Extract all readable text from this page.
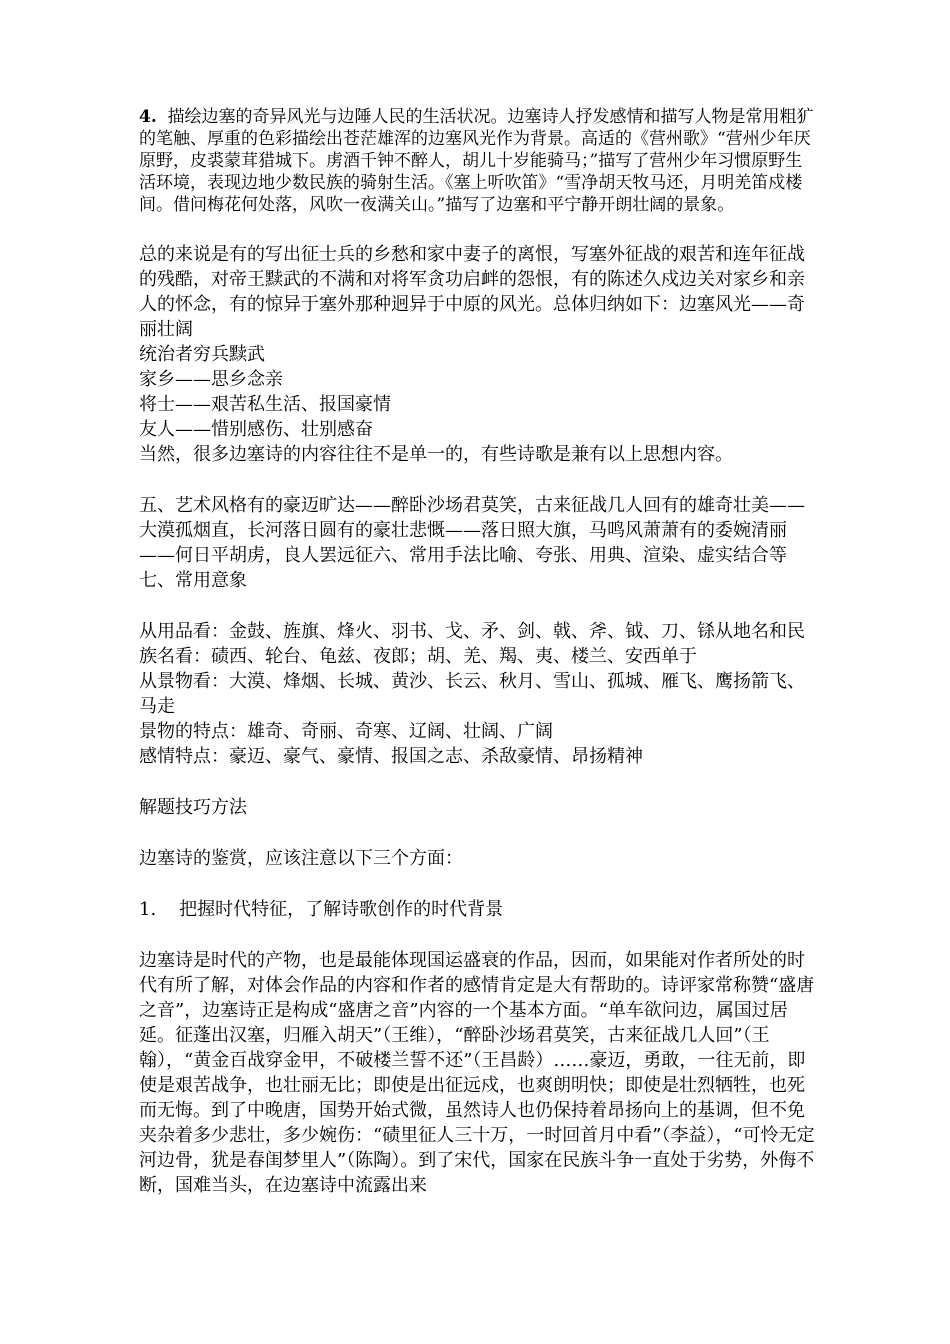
4. 描绘边塞的奇异风光与边陲人民的生活状况。边塞诗人抒发感情和描写人物是常用粗犷的笔触、厚重的色彩描绘出苍茫雄浑的边塞风光作为背景。高适的《营州歌》“营州少年厌原野，皮裘蒙茸猎城下。虏酒千钟不醉人，胡儿十岁能骑马；”描写了营州少年习惯原野生活环境，表现边地少数民族的骑射生活。《塞上听吹笛》“雪净胡天牧马还，月明羌笛戍楼间。借问梅花何处落，风吹一夜满关山。”描写了边塞和平宁静开朗壮阔的景象。

总的来说是有的写出征士兵的乡愁和家中妻子的离恨，写塞外征战的艰苦和连年征战的残酷，对帝王黩武的不满和对将军贪功启衅的怨恨，有的陈述久戍边关对家乡和亲人的怀念，有的惊异于塞外那种迥异于中原的风光。总体归纳如下：边塞风光——奇丽壮阔
统治者穷兵黩武
家乡——思乡念亲
将士——艰苦私生活、报国豪情
友人——惜别感伤、壮别感奋
当然，很多边塞诗的内容往往不是单一的，有些诗歌是兼有以上思想内容。

五、艺术风格有的豪迈旷达——醉卧沙场君莫笑，古来征战几人回有的雄奇壮美——大漠孤烟直，长河落日圆有的豪壮悲慨——落日照大旗，马鸣风萧萧有的委婉清丽——何日平胡虏，良人罢远征六、常用手法比喻、夸张、用典、渲染、虚实结合等七、常用意象

从用品看：金鼓、旌旗、烽火、羽书、戈、矛、剑、戟、斧、钺、刀、铩从地名和民族名看：碛西、轮台、龟兹、夜郎；胡、羌、羯、夷、楼兰、安西单于
从景物看：大漠、烽烟、长城、黄沙、长云、秋月、雪山、孤城、雁飞、鹰扬箭飞、马走
景物的特点：雄奇、奇丽、奇寒、辽阔、壮阔、广阔
感情特点：豪迈、豪气、豪情、报国之志、杀敌豪情、昂扬精神

解题技巧方法

边塞诗的鉴赏，应该注意以下三个方面：

1. 把握时代特征，了解诗歌创作的时代背景

边塞诗是时代的产物，也是最能体现国运盛衰的作品，因而，如果能对作者所处的时代有所了解，对体会作品的内容和作者的感情肯定是大有帮助的。诗评家常称赞“盛唐之音”，边塞诗正是构成“盛唐之音”内容的一个基本方面。“单车欲问边，属国过居延。征蓬出汉塞，归雁入胡天”（王维），“醉卧沙场君莫笑，古来征战几人回”（王翰），“黄金百战穿金甲，不破楼兰誓不还”（王昌龄）……豪迈，勇敢，一往无前，即使是艰苦战争，也壮丽无比；即使是出征远戍，也爽朗明快；即使是壮烈牺牲，也死而无悔。到了中晚唐，国势开始式微，虽然诗人也仍保持着昂扬向上的基调，但不免夹杂着多少悲壮，多少婉伤：“碛里征人三十万，一时回首月中看”（李益），“可怜无定河边骨，犹是春闺梦里人”（陈陶）。到了宋代，国家在民族斗争一直处于劣势，外侮不断，国难当头，在边塞诗中流露出来
